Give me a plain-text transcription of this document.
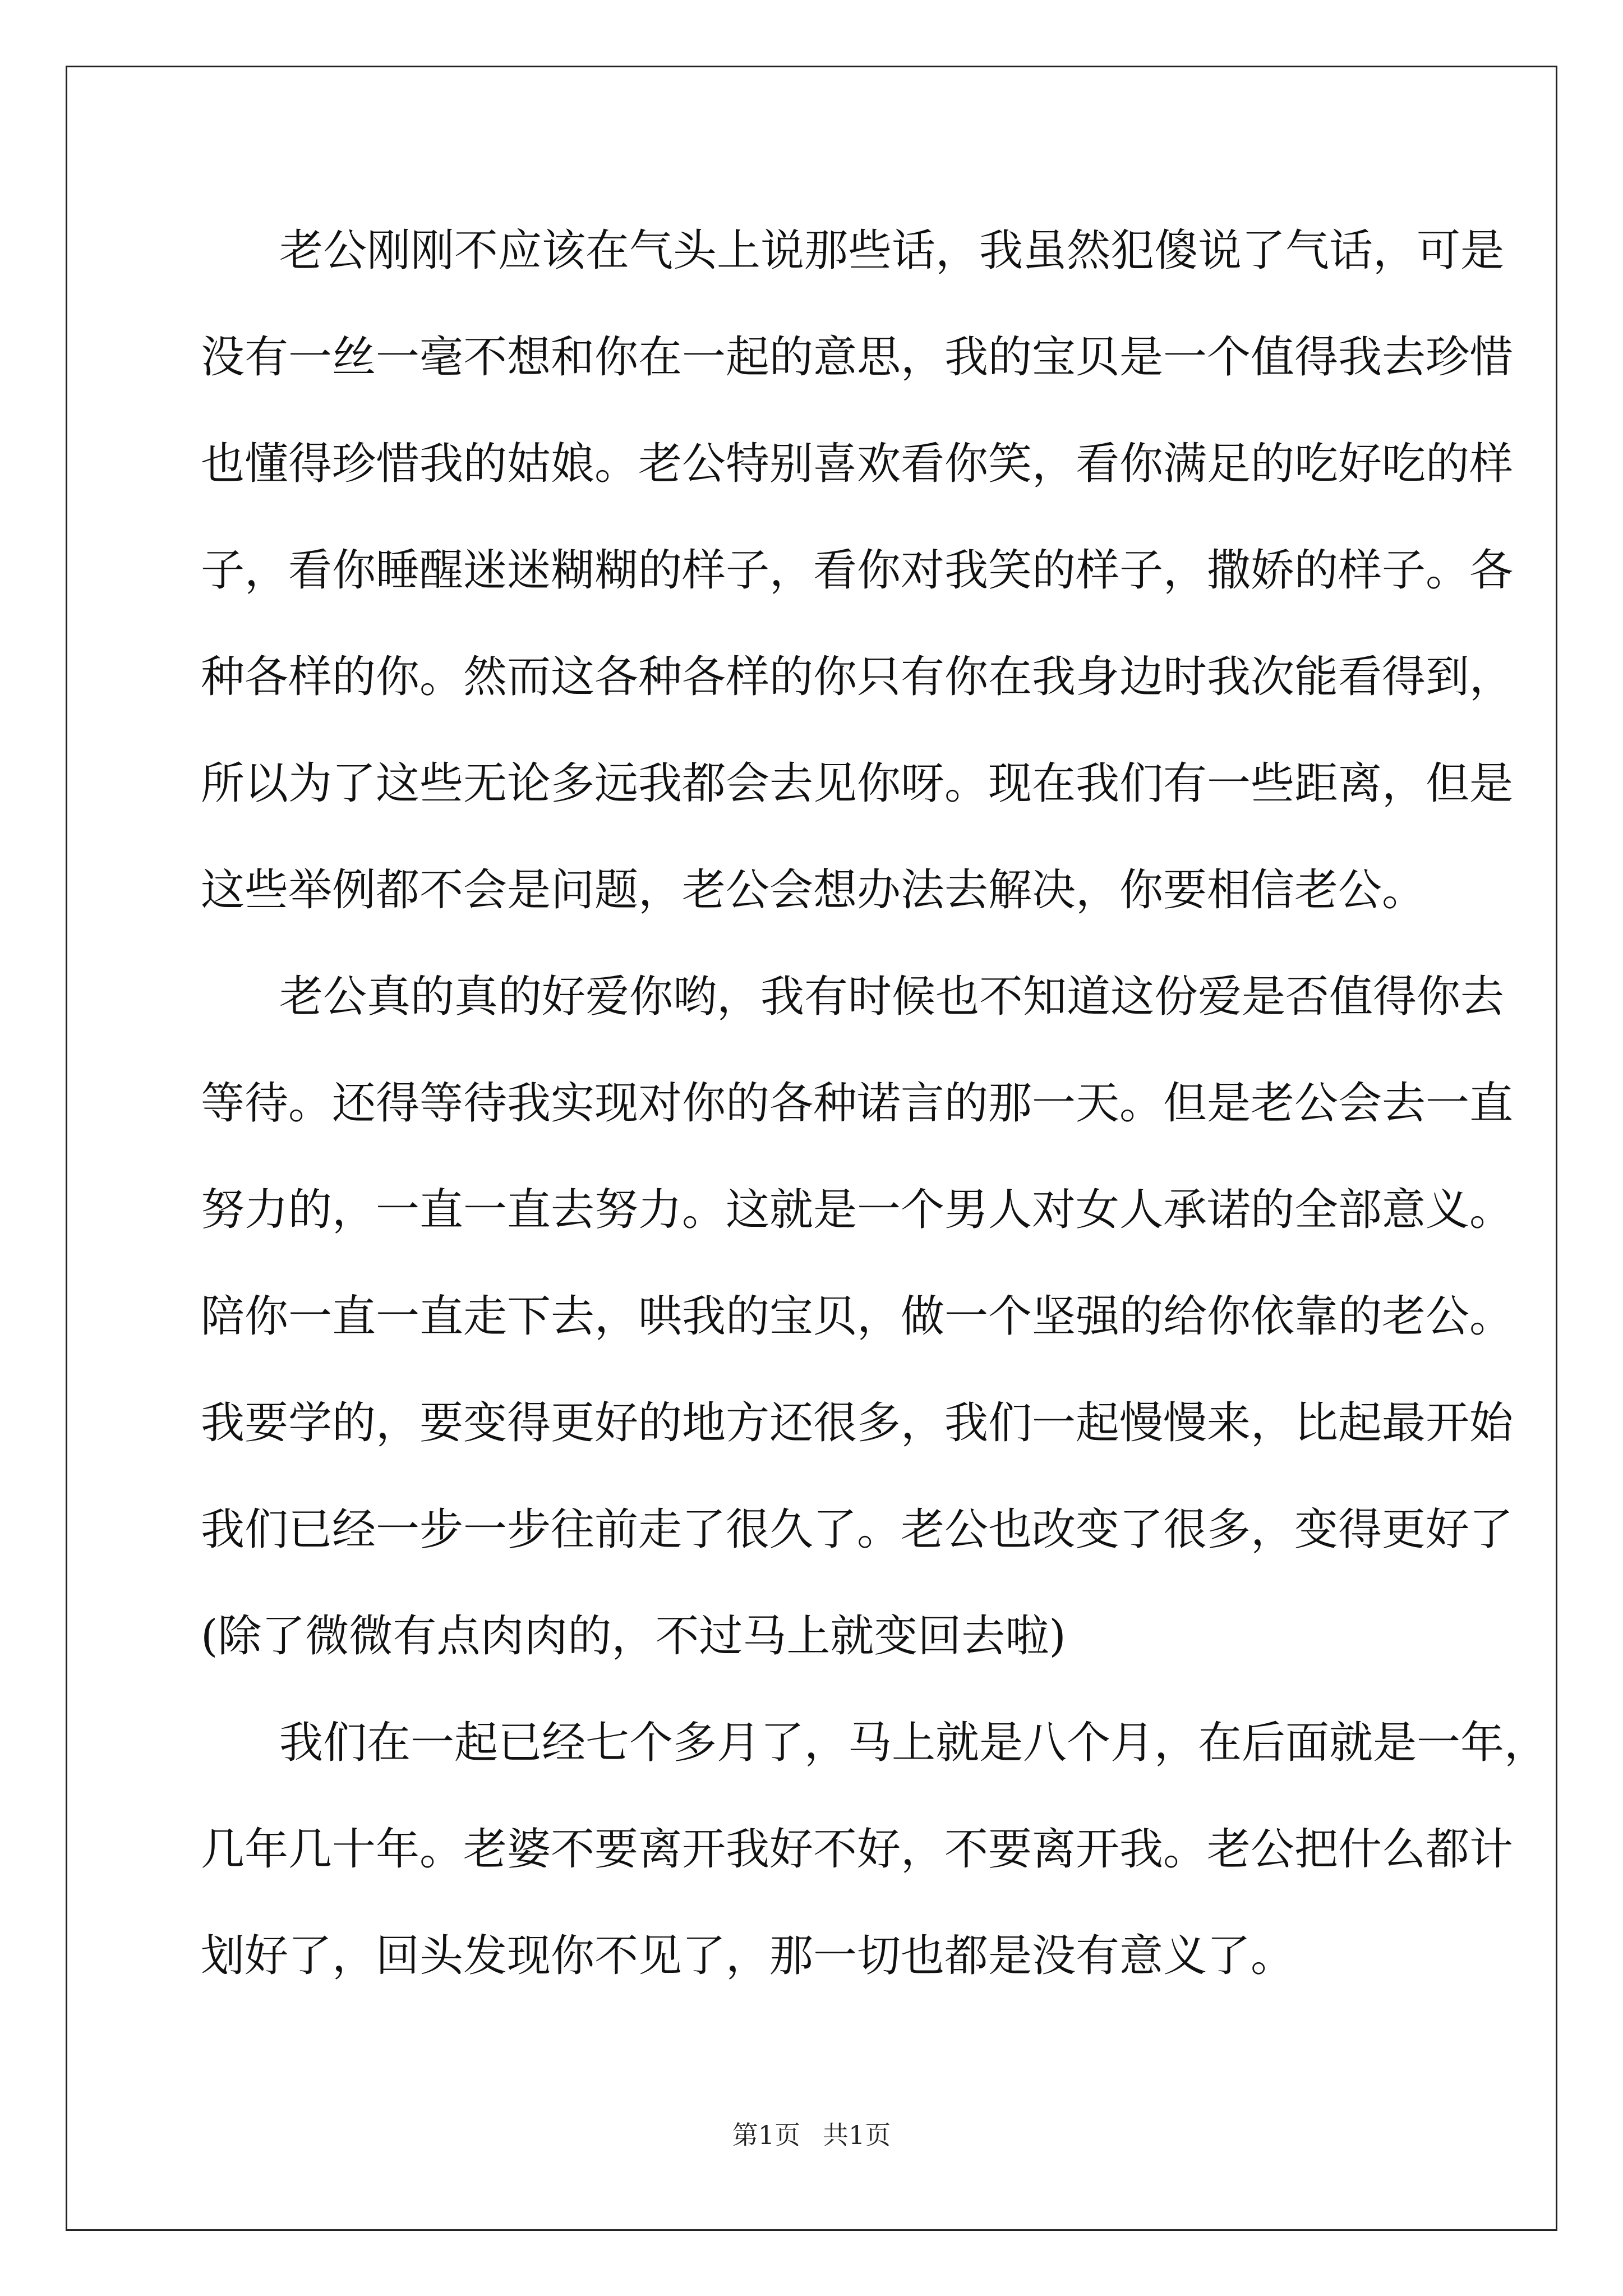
老公刚刚不应该在气头上说那些话，我虽然犯傻说了气话，可是
没有一丝一毫不想和你在一起的意思，我的宝贝是一个值得我去珍惜
也懂得珍惜我的姑娘。老公特别喜欢看你笑，看你满足的吃好吃的样
子，看你睡醒迷迷糊糊的样子，看你对我笑的样子，撒娇的样子。各
种各样的你。然而这各种各样的你只有你在我身边时我次能看得到，
所以为了这些无论多远我都会去见你呀。现在我们有一些距离，但是
这些举例都不会是问题，老公会想办法去解决，你要相信老公。
老公真的真的好爱你哟，我有时候也不知道这份爱是否值得你去
等待。还得等待我实现对你的各种诺言的那一天。但是老公会去一直
努力的，一直一直去努力。这就是一个男人对女人承诺的全部意义。
陪你一直一直走下去，哄我的宝贝，做一个坚强的给你依靠的老公。
我要学的，要变得更好的地方还很多，我们一起慢慢来，比起最开始
我们已经一步一步往前走了很久了。老公也改变了很多，变得更好了
(除了微微有点肉肉的，不过马上就变回去啦)
我们在一起已经七个多月了，马上就是八个月，在后面就是一年，
几年几十年。老婆不要离开我好不好，不要离开我。老公把什么都计
划好了，回头发现你不见了，那一切也都是没有意义了。
第1页 共1页
